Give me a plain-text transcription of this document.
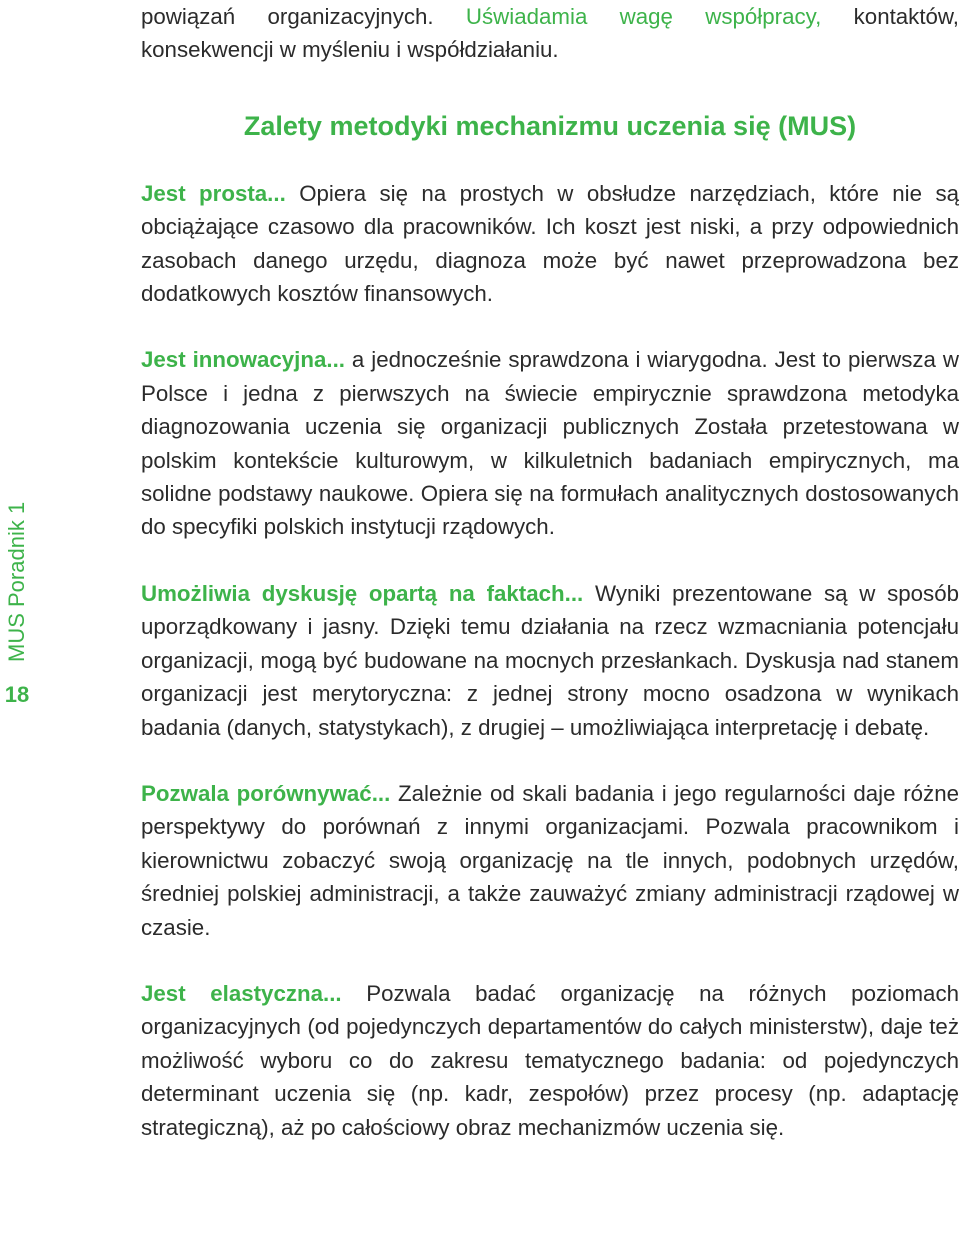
MUS Poradnik 1
18

powiązań organizacyjnych. Uświadamia wagę współpracy, kontaktów, konsekwencji w myśleniu i współdziałaniu.

Zalety metodyki mechanizmu uczenia się (MUS)

Jest prosta... Opiera się na prostych w obsłudze narzędziach, które nie są obciążające czasowo dla pracowników. Ich koszt jest niski, a przy odpowiednich zasobach danego urzędu, diagnoza może być nawet przeprowadzona bez dodatkowych kosztów finansowych.

Jest innowacyjna... a jednocześnie sprawdzona i wiarygodna. Jest to pierwsza w Polsce i jedna z pierwszych na świecie empirycznie sprawdzona metodyka diagnozowania uczenia się organizacji publicznych Została przetestowana w polskim kontekście kulturowym, w kilkuletnich badaniach empirycznych, ma solidne podstawy naukowe. Opiera się na formułach analitycznych dostosowanych do specyfiki polskich instytucji rządowych.

Umożliwia dyskusję opartą na faktach... Wyniki prezentowane są w sposób uporządkowany i jasny. Dzięki temu działania na rzecz wzmacniania potencjału organizacji, mogą być budowane na mocnych przesłankach. Dyskusja nad stanem organizacji jest merytoryczna: z jednej strony mocno osadzona w wynikach badania (danych, statystykach), z drugiej – umożliwiająca interpretację i debatę.

Pozwala porównywać... Zależnie od skali badania i jego regularności daje różne perspektywy do porównań z innymi organizacjami. Pozwala pracownikom i kierownictwu zobaczyć swoją organizację na tle innych, podobnych urzędów, średniej polskiej administracji, a także zauważyć zmiany administracji rządowej w czasie.

Jest elastyczna... Pozwala badać organizację na różnych poziomach organizacyjnych (od pojedynczych departamentów do całych ministerstw), daje też możliwość wyboru co do zakresu tematycznego badania: od pojedynczych determinant uczenia się (np. kadr, zespołów) przez procesy (np. adaptację strategiczną), aż po całościowy obraz mechanizmów uczenia się.
